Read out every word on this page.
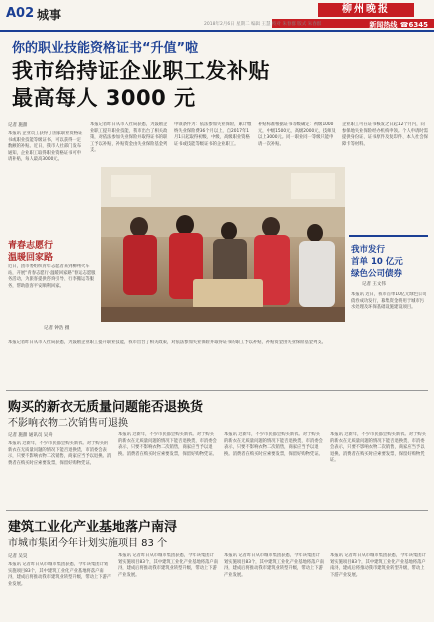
A02 城事	柳州晚报
2018年2月6日 星期二 编辑 王慧 校对 朱春群 版式 朱春群	新闻热线 ☎6345
你的职业技能资格证书“升值”啦
我市给持证企业职工发补贴
最高每人 3000 元
记者 施甜
本报讯 企业员工获得了国家职业资格证书或职业技能等级证书，可以获得一定数额的补贴。近日，我市人社部门发布通知，企业职工取得职业资格证书可申请补贴，每人最高3000元。
本报记者昨日从市人社局获悉，为鼓励企业职工提升职业技能，我市出台了相关政策，对依法参加失业保险并取得证书的职工予以补贴，补贴资金由失业保险基金列支。
申领条件为：依法参加失业保险，累计缴纳失业保险费36个月以上，自2017年1月1日起取得初级、中级、高级职业资格证书或技能等级证书的企业职工。
补贴标准根据证书等级确定：初级1000元，中级1500元，高级2000元，技师及以上3000元。同一职业同一等级只能申请一次补贴。
企业职工可在证书核发之日起12个月内，向参保地失业保险经办机构申领。个人申请时需提供身份证、证书原件及复印件、本人社会保障卡等材料。
青春志愿行
温暖回家路
近日，团市委组织青年志愿者来到柳州火车站，开展“青春志愿行·温暖回家路”春运志愿服务活动，为旅客提供咨询引导、行李搬运等服务，帮助旅客平安顺利回家。
记者 钟浩 摄
本报记者昨日从市人社局获悉，为鼓励企业职工提升职业技能，我市出台了相关政策，对依法参加失业保险并取得证书的职工予以补贴，补贴资金由失业保险基金列支。
我市发行
首单 10 亿元
绿色公司债券
记者 王文伟
本报讯 近日，我市首单10亿元绿色公司债券成功发行，募集资金将用于城市污水处理及环保基础设施建设项目。
购买的新衣无质量问题能否退换货
不影响衣物二次销售可退换
记者 施甜 通讯员 吴舟
本报讯 过新年，不少市民都会购买新衣。对于购买的新衣在无质量问题的情况下能否退换货，市消委会表示，只要不影响衣物二次销售，商家应当予以退换。消费者在购买时应索要发票，保留好购物凭证。
本报讯 过新年，不少市民都会购买新衣。对于购买的新衣在无质量问题的情况下能否退换货，市消委会表示，只要不影响衣物二次销售，商家应当予以退换。消费者在购买时应索要发票，保留好购物凭证。
本报讯 过新年，不少市民都会购买新衣。对于购买的新衣在无质量问题的情况下能否退换货，市消委会表示，只要不影响衣物二次销售，商家应当予以退换。消费者在购买时应索要发票，保留好购物凭证。
本报讯 过新年，不少市民都会购买新衣。对于购买的新衣在无质量问题的情况下能否退换货，市消委会表示，只要不影响衣物二次销售，商家应当予以退换。消费者在购买时应索要发票，保留好购物凭证。
建筑工业化产业基地落户南浔
市城市集团今年计划实施项目 83 个
记者 吴昊
本报讯 记者昨日从市城市集团获悉，今年该集团计划实施项目83个，其中建筑工业化产业基地将落户南浔，建成后将推动我市建筑业转型升级，带动上下游产业发展。
本报讯 记者昨日从市城市集团获悉，今年该集团计划实施项目83个，其中建筑工业化产业基地将落户南浔，建成后将推动我市建筑业转型升级，带动上下游产业发展。
本报讯 记者昨日从市城市集团获悉，今年该集团计划实施项目83个，其中建筑工业化产业基地将落户南浔，建成后将推动我市建筑业转型升级，带动上下游产业发展。
本报讯 记者昨日从市城市集团获悉，今年该集团计划实施项目83个，其中建筑工业化产业基地将落户南浔，建成后将推动我市建筑业转型升级，带动上下游产业发展。
